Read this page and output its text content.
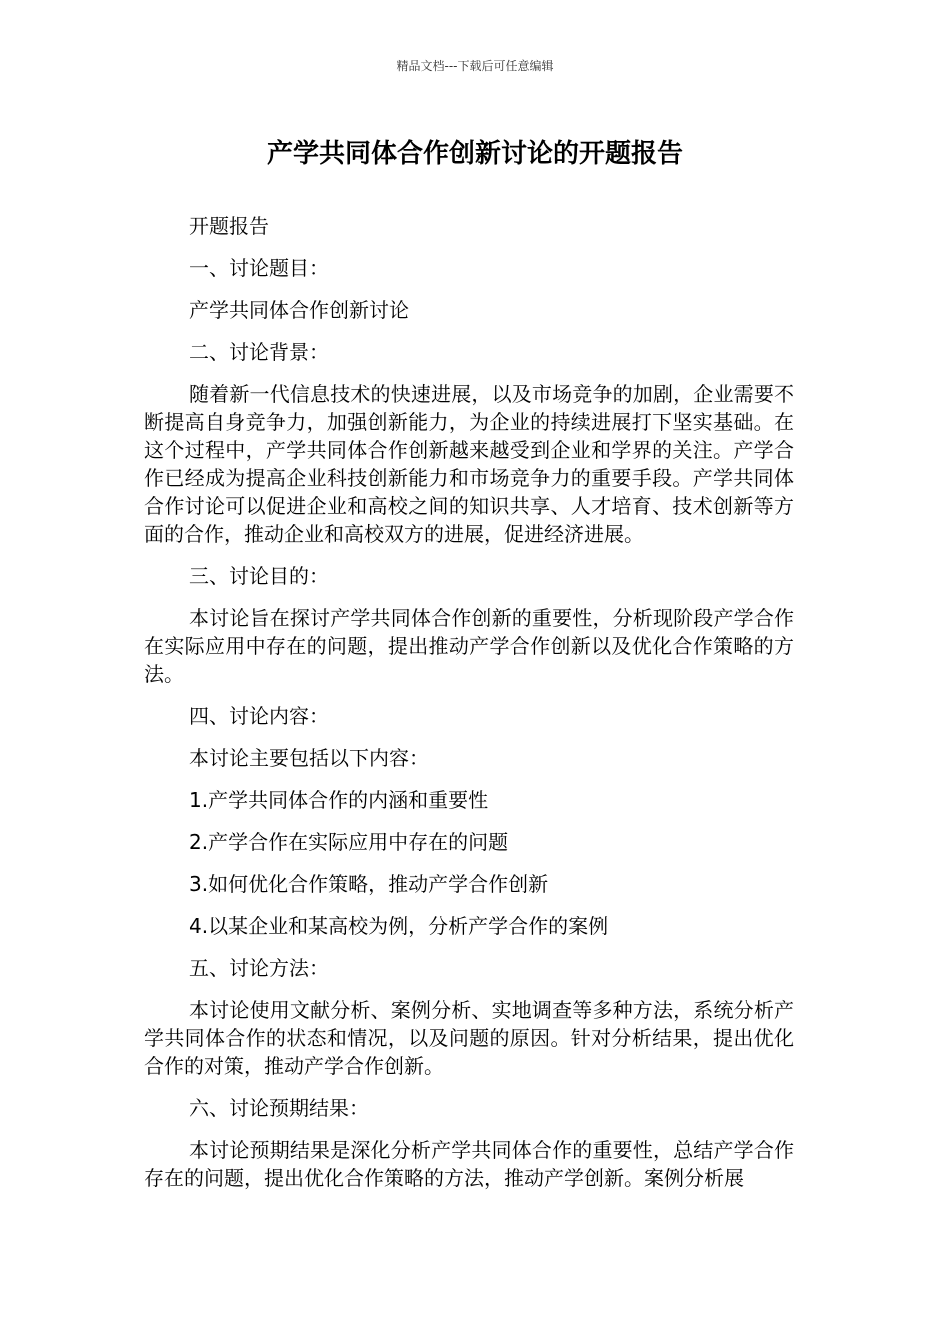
精品文档---下载后可任意编辑
产学共同体合作创新讨论的开题报告

开题报告

一、讨论题目：

产学共同体合作创新讨论

二、讨论背景：

随着新一代信息技术的快速进展，以及市场竞争的加剧，企业需要不断提高自身竞争力，加强创新能力，为企业的持续进展打下坚实基础。在这个过程中，产学共同体合作创新越来越受到企业和学界的关注。产学合作已经成为提高企业科技创新能力和市场竞争力的重要手段。产学共同体合作讨论可以促进企业和高校之间的知识共享、人才培育、技术创新等方面的合作，推动企业和高校双方的进展，促进经济进展。

三、讨论目的：

本讨论旨在探讨产学共同体合作创新的重要性，分析现阶段产学合作在实际应用中存在的问题，提出推动产学合作创新以及优化合作策略的方法。

四、讨论内容：

本讨论主要包括以下内容：

1.产学共同体合作的内涵和重要性

2.产学合作在实际应用中存在的问题

3.如何优化合作策略，推动产学合作创新

4.以某企业和某高校为例，分析产学合作的案例

五、讨论方法：

本讨论使用文献分析、案例分析、实地调查等多种方法，系统分析产学共同体合作的状态和情况，以及问题的原因。针对分析结果，提出优化合作的对策，推动产学合作创新。

六、讨论预期结果：

本讨论预期结果是深化分析产学共同体合作的重要性，总结产学合作存在的问题，提出优化合作策略的方法，推动产学创新。案例分析展
